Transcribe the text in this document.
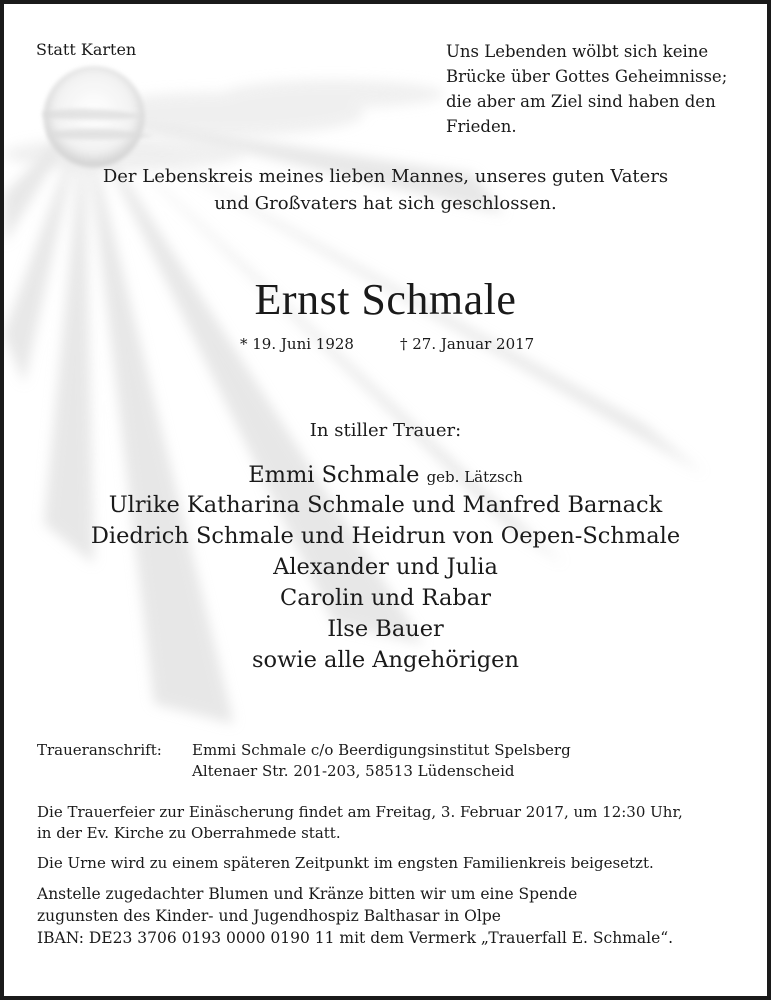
Statt Karten	Uns Lebenden wölbt sich keine
Brücke über Gottes Geheimnisse;
die aber am Ziel sind haben den
Frieden.
Der Lebenskreis meines lieben Mannes, unseres guten Vaters
und Großvaters hat sich geschlossen.
Ernst Schmale
* 19. Juni 1928	† 27. Januar 2017
In stiller Trauer:
Emmi Schmale geb. Lätzsch
Ulrike Katharina Schmale und Manfred Barnack
Diedrich Schmale und Heidrun von Oepen-Schmale
Alexander und Julia
Carolin und Rabar
Ilse Bauer
sowie alle Angehörigen
Traueranschrift: Emmi Schmale c/o Beerdigungsinstitut Spelsberg
Altenaer Str. 201-203, 58513 Lüdenscheid
Die Trauerfeier zur Einäscherung findet am Freitag, 3. Februar 2017, um 12:30 Uhr,
in der Ev. Kirche zu Oberrahmede statt.
Die Urne wird zu einem späteren Zeitpunkt im engsten Familienkreis beigesetzt.
Anstelle zugedachter Blumen und Kränze bitten wir um eine Spende
zugunsten des Kinder- und Jugendhospiz Balthasar in Olpe
IBAN: DE23 3706 0193 0000 0190 11 mit dem Vermerk „Trauerfall E. Schmale“.
